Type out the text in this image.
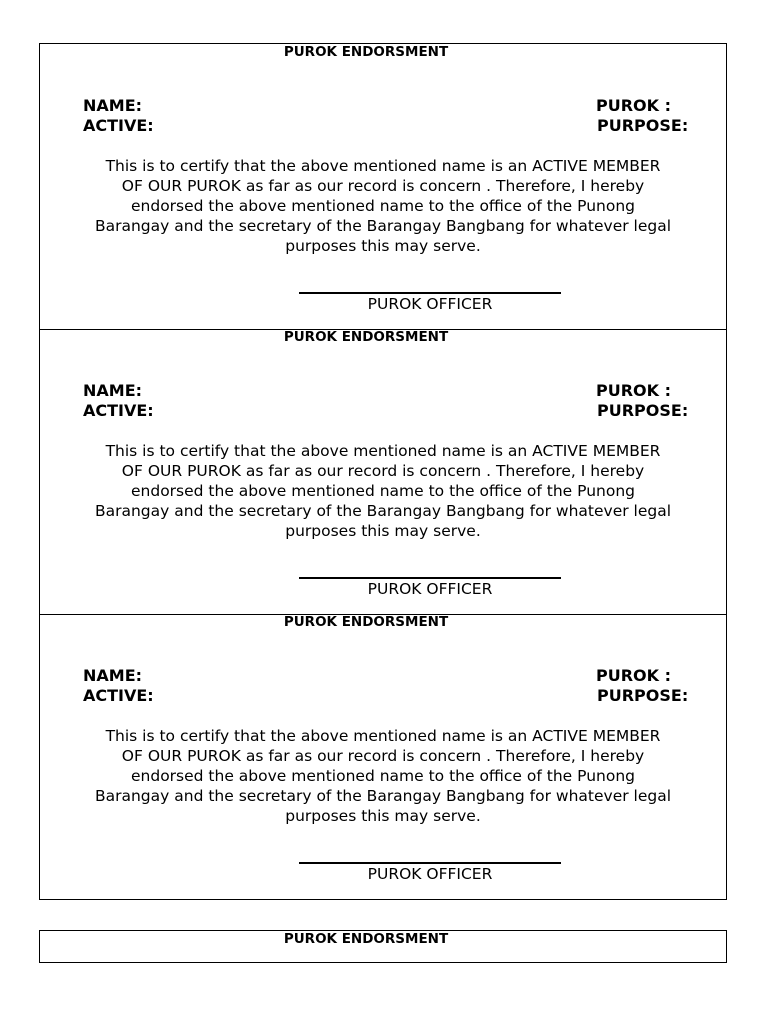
PUROK ENDORSMENT
NAME:
ACTIVE:
PUROK :
PURPOSE:
This is to certify that the above mentioned name is an ACTIVE MEMBER
OF OUR PUROK as far as our record is concern . Therefore, I hereby
endorsed the above mentioned name to the office of the Punong
Barangay and the secretary of the Barangay Bangbang for whatever legal
purposes this may serve.
PUROK OFFICER
PUROK ENDORSMENT
NAME:
ACTIVE:
PUROK :
PURPOSE:
This is to certify that the above mentioned name is an ACTIVE MEMBER
OF OUR PUROK as far as our record is concern . Therefore, I hereby
endorsed the above mentioned name to the office of the Punong
Barangay and the secretary of the Barangay Bangbang for whatever legal
purposes this may serve.
PUROK OFFICER
PUROK ENDORSMENT
NAME:
ACTIVE:
PUROK :
PURPOSE:
This is to certify that the above mentioned name is an ACTIVE MEMBER
OF OUR PUROK as far as our record is concern . Therefore, I hereby
endorsed the above mentioned name to the office of the Punong
Barangay and the secretary of the Barangay Bangbang for whatever legal
purposes this may serve.
PUROK OFFICER
PUROK ENDORSMENT
